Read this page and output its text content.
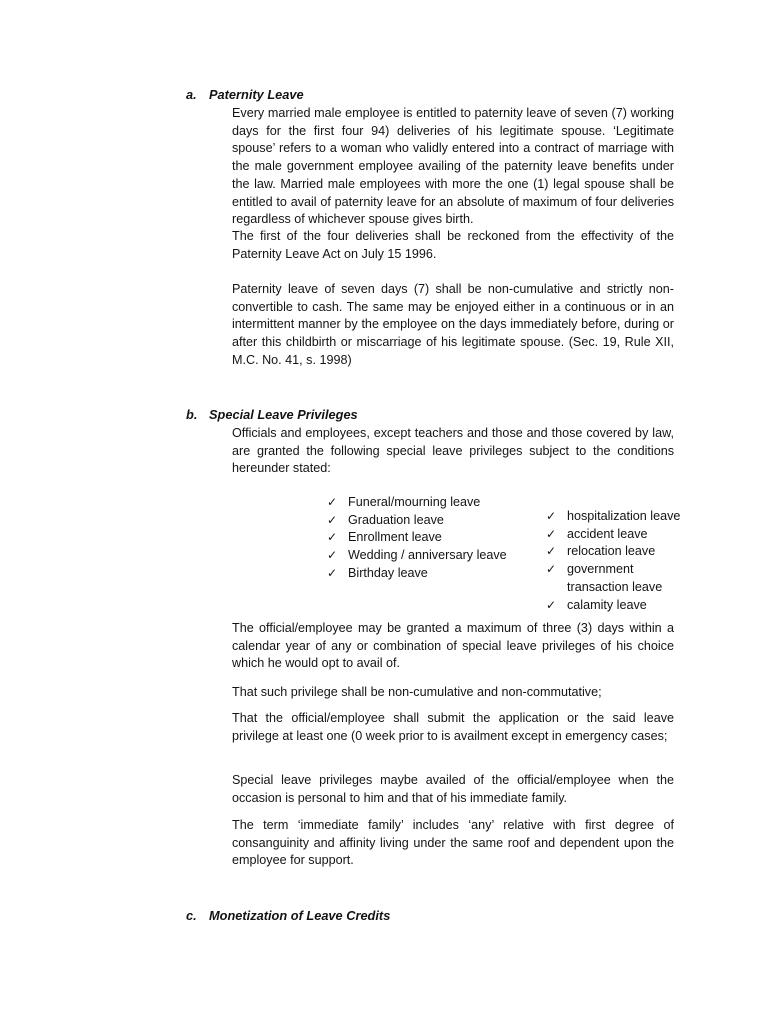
a. Paternity Leave

Every married male employee is entitled to paternity leave of seven (7) working days for the first four 94) deliveries of his legitimate spouse. ‘Legitimate spouse’ refers to a woman who validly entered into a contract of marriage with the male government employee availing of the paternity leave benefits under the law. Married male employees with more the one (1) legal spouse shall be entitled to avail of paternity leave for an absolute of maximum of four deliveries regardless of whichever spouse gives birth.

The first of the four deliveries shall be reckoned from the effectivity of the Paternity Leave Act on July 15 1996.

Paternity leave of seven days (7) shall be non-cumulative and strictly non-convertible to cash. The same may be enjoyed either in a continuous or in an intermittent manner by the employee on the days immediately before, during or after this childbirth or miscarriage of his legitimate spouse. (Sec. 19, Rule XII, M.C. No. 41, s. 1998)

b. Special Leave Privileges

Officials and employees, except teachers and those and those covered by law, are granted the following special leave privileges subject to the conditions hereunder stated:

✓ Funeral/mourning leave
✓ Graduation leave
✓ Enrollment leave
✓ Wedding / anniversary leave
✓ Birthday leave
✓ hospitalization leave
✓ accident leave
✓ relocation leave
✓ government transaction leave
✓ calamity leave

The official/employee may be granted a maximum of three (3) days within a calendar year of any or combination of special leave privileges of his choice which he would opt to avail of.

That such privilege shall be non-cumulative and non-commutative;

That the official/employee shall submit the application or the said leave privilege at least one (0 week prior to is availment except in emergency cases;

Special leave privileges maybe availed of the official/employee when the occasion is personal to him and that of his immediate family.

The term ‘immediate family’ includes ‘any’ relative with first degree of consanguinity and affinity living under the same roof and dependent upon the employee for support.

c. Monetization of Leave Credits
